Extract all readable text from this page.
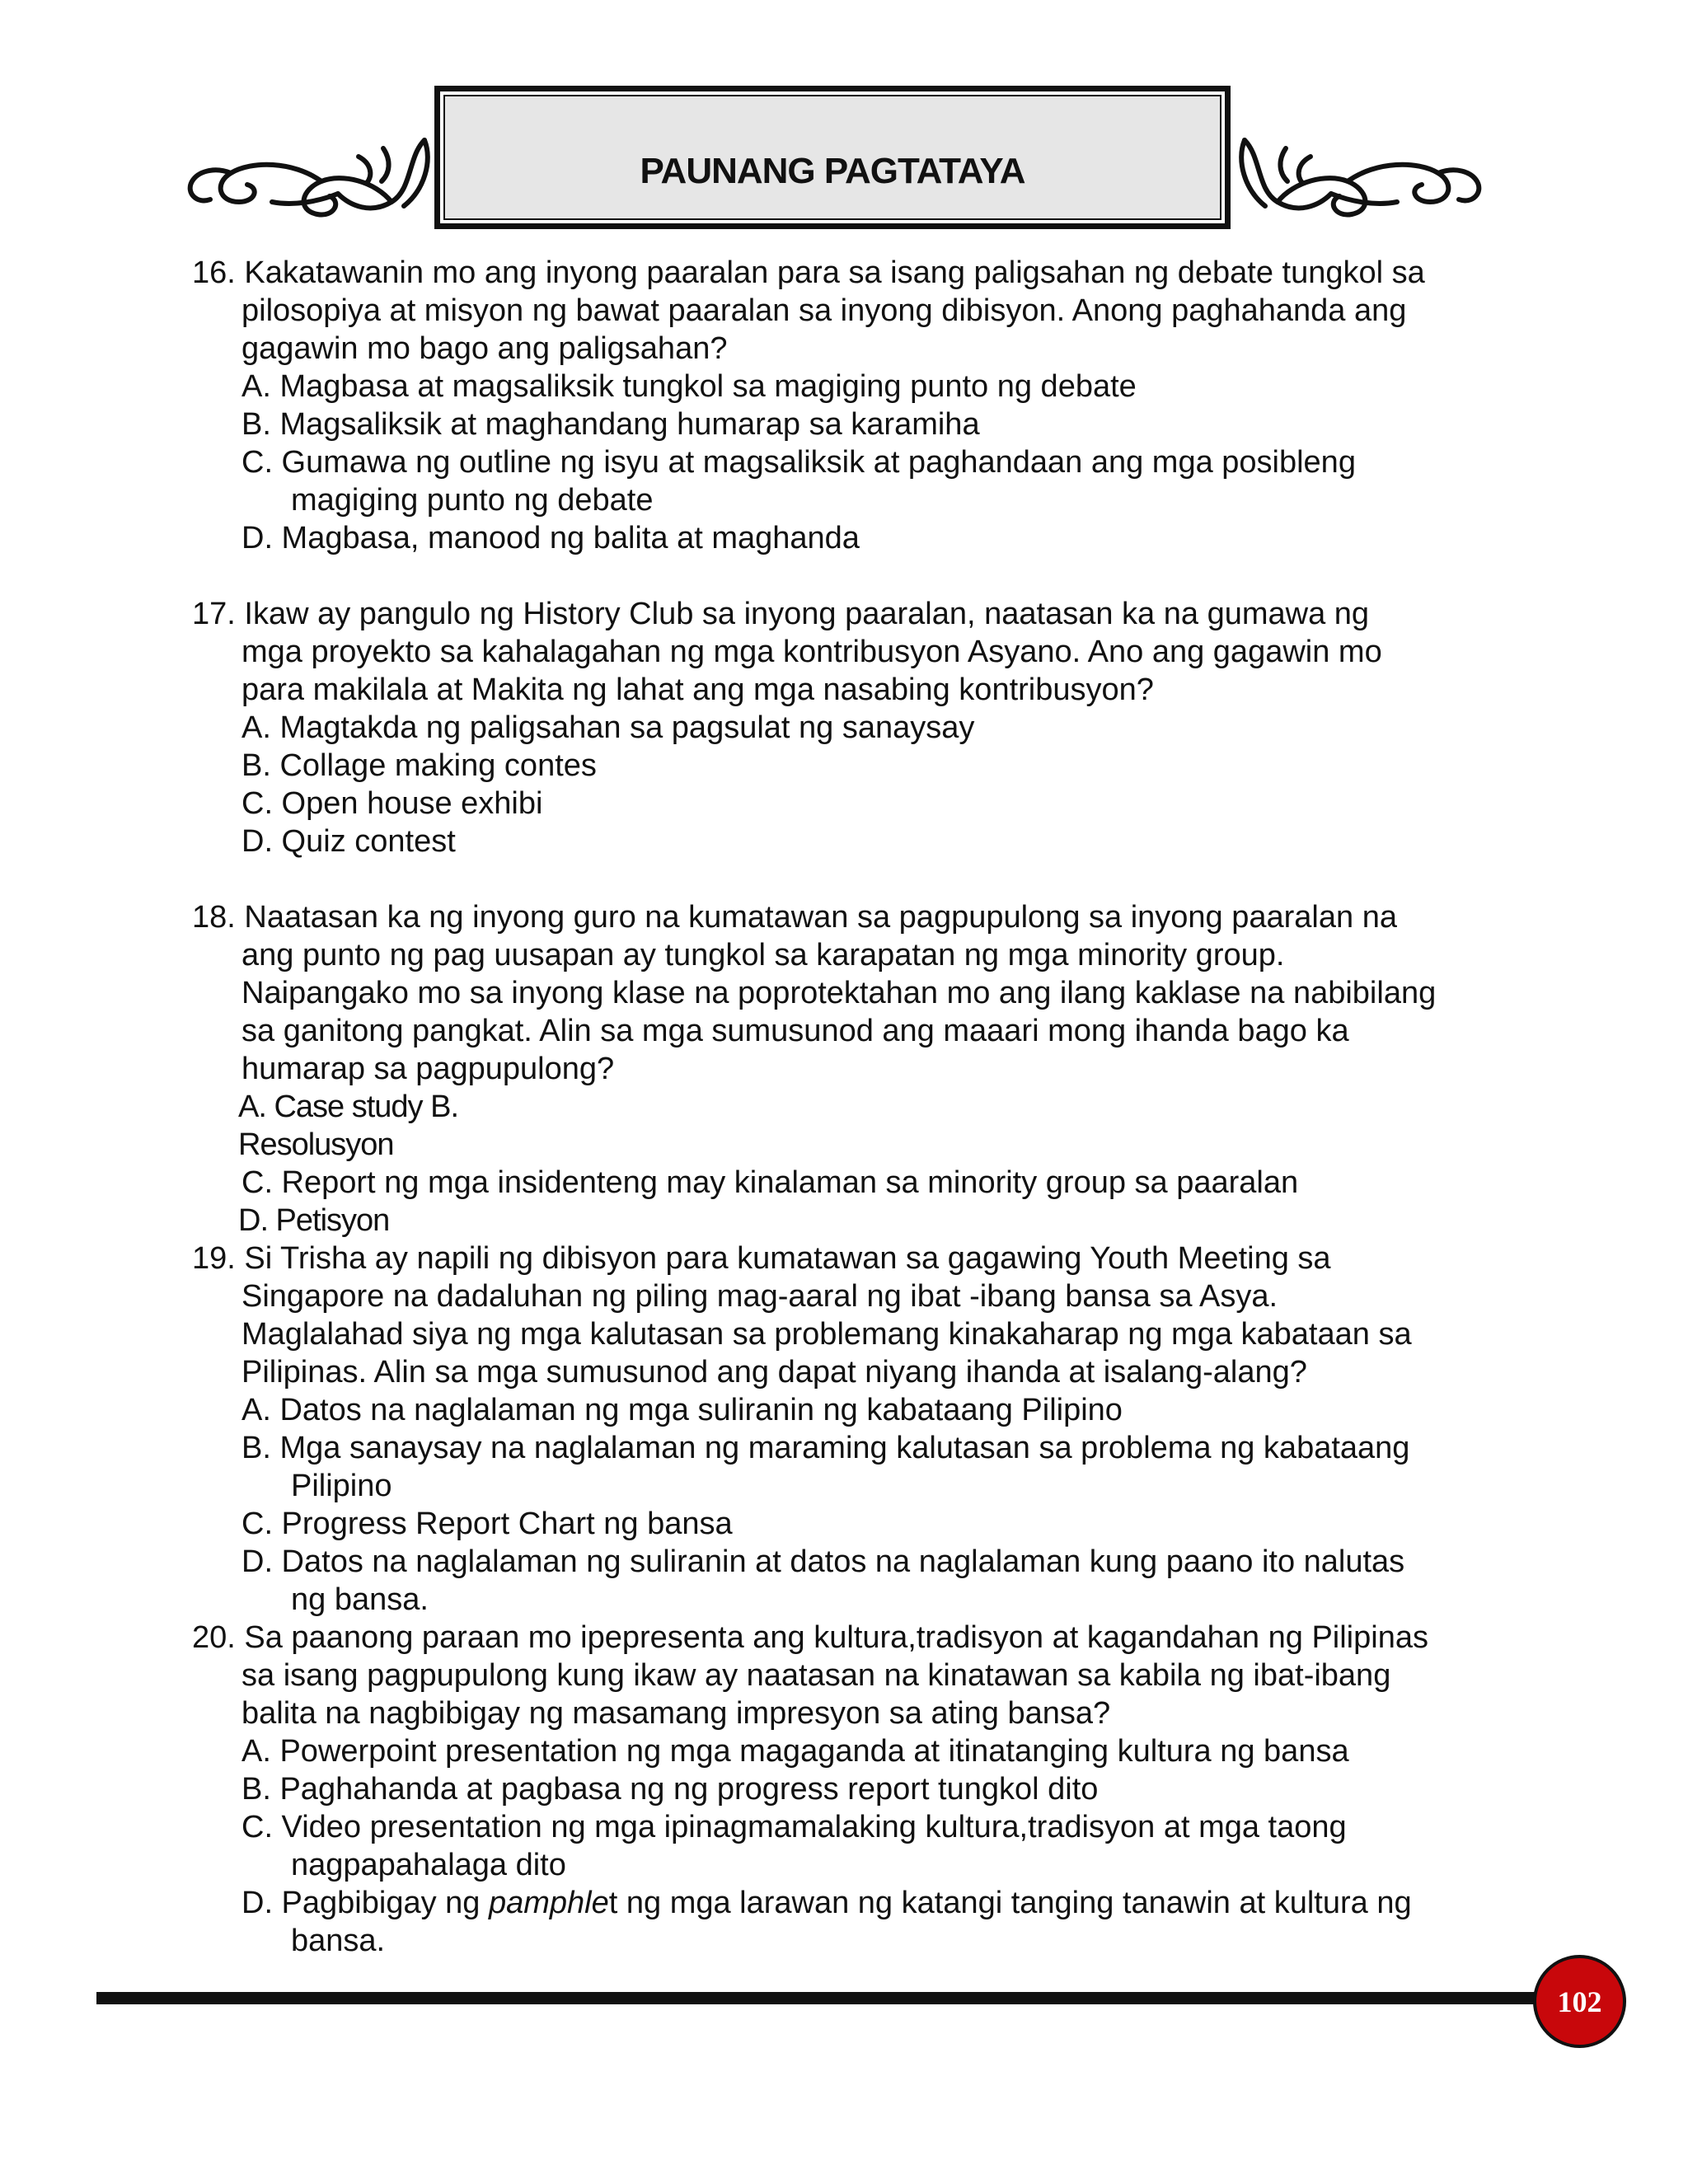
PAUNANG PAGTATAYA
16. Kakatawanin mo ang inyong paaralan para sa isang paligsahan ng debate tungkol sa
pilosopiya at misyon ng bawat paaralan sa inyong dibisyon. Anong paghahanda ang
gagawin mo bago ang paligsahan?
A. Magbasa at magsaliksik tungkol sa magiging punto ng debate
B. Magsaliksik at maghandang humarap sa karamiha
C. Gumawa ng outline ng isyu at magsaliksik at paghandaan ang mga posibleng
magiging punto ng debate
D. Magbasa, manood ng balita at maghanda
17. Ikaw ay pangulo ng History Club sa inyong paaralan, naatasan ka na gumawa ng
mga proyekto sa kahalagahan ng mga kontribusyon Asyano. Ano ang gagawin mo
para makilala at Makita ng lahat ang mga nasabing kontribusyon?
A. Magtakda ng paligsahan sa pagsulat ng sanaysay
B. Collage making contes
C. Open house exhibi
D. Quiz contest
18. Naatasan ka ng inyong guro na kumatawan sa pagpupulong sa inyong paaralan na
ang punto ng pag uusapan ay tungkol sa karapatan ng mga minority group.
Naipangako mo sa inyong klase na poprotektahan mo ang ilang kaklase na nabibilang
sa ganitong pangkat. Alin sa mga sumusunod ang maaari mong ihanda bago ka
humarap sa pagpupulong?
A. Case study B.
Resolusyon
C. Report ng mga insidenteng may kinalaman sa minority group sa paaralan
D. Petisyon
19. Si Trisha ay napili ng dibisyon para kumatawan sa gagawing Youth Meeting sa
Singapore na dadaluhan ng piling mag-aaral ng ibat -ibang bansa sa Asya.
Maglalahad siya ng mga kalutasan sa problemang kinakaharap ng mga kabataan sa
Pilipinas. Alin sa mga sumusunod ang dapat niyang ihanda at isalang-alang?
A. Datos na naglalaman ng mga suliranin ng kabataang Pilipino
B. Mga sanaysay na naglalaman ng maraming kalutasan sa problema ng kabataang
Pilipino
C. Progress Report Chart ng bansa
D. Datos na naglalaman ng suliranin at datos na naglalaman kung paano ito nalutas
ng bansa.
20. Sa paanong paraan mo ipepresenta ang kultura,tradisyon at kagandahan ng Pilipinas
sa isang pagpupulong kung ikaw ay naatasan na kinatawan sa kabila ng ibat-ibang
balita na nagbibigay ng masamang impresyon sa ating bansa?
A. Powerpoint presentation ng mga magaganda at itinatanging kultura ng bansa
B. Paghahanda at pagbasa ng ng progress report tungkol dito
C. Video presentation ng mga ipinagmamalaking kultura,tradisyon at mga taong
nagpapahalaga dito
D. Pagbibigay ng pamphlet ng mga larawan ng katangi tanging tanawin at kultura ng
bansa.
102
